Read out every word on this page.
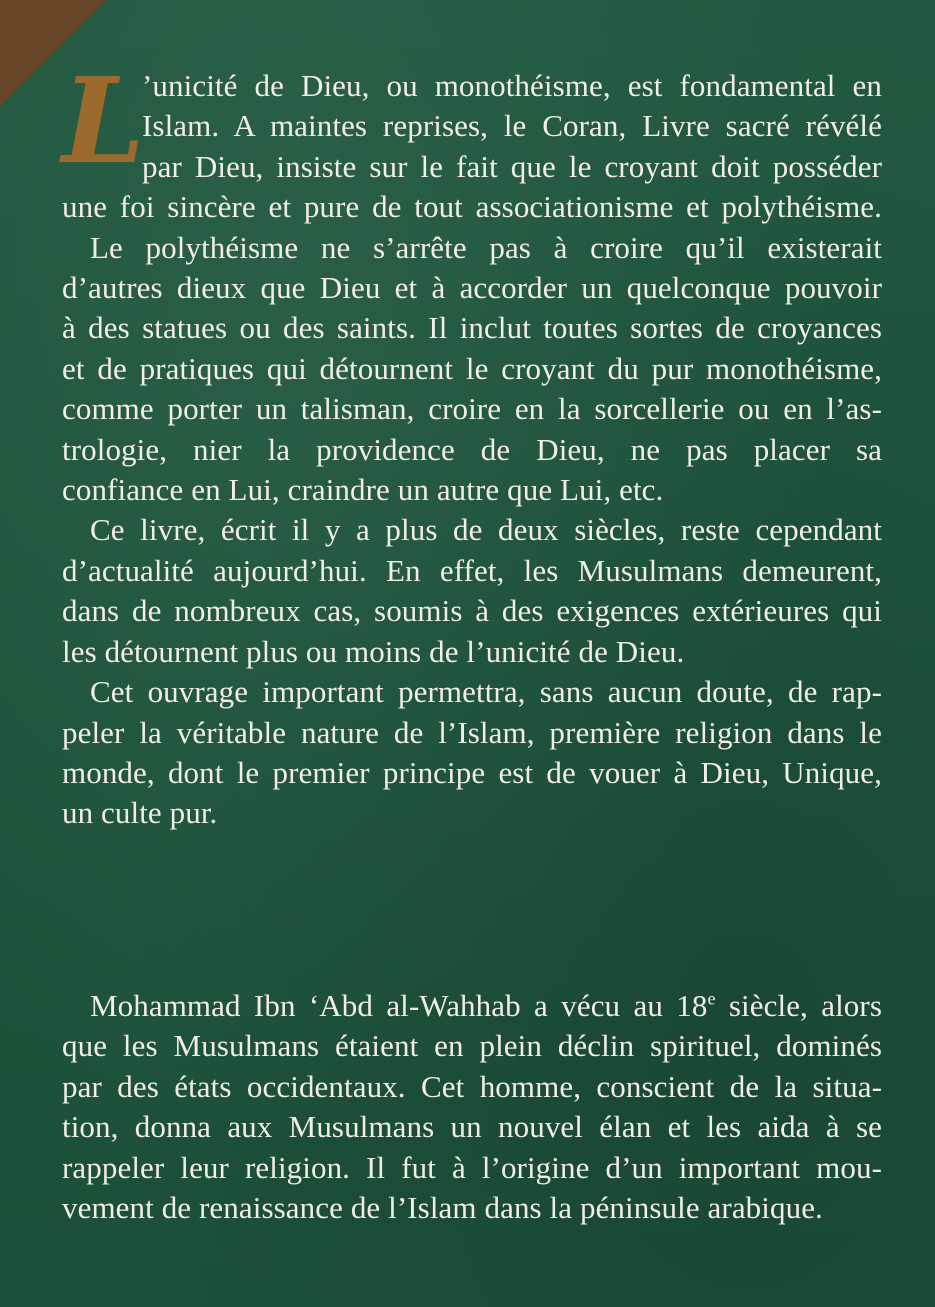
L
’unicité de Dieu, ou monothéisme, est fondamental en
Islam. A maintes reprises, le Coran, Livre sacré révélé
par Dieu, insiste sur le fait que le croyant doit posséder
une foi sincère et pure de tout associationisme et polythéisme.
Le polythéisme ne s’arrête pas à croire qu’il existerait
d’autres dieux que Dieu et à accorder un quelconque pouvoir
à des statues ou des saints. Il inclut toutes sortes de croyances
et de pratiques qui détournent le croyant du pur monothéisme,
comme porter un talisman, croire en la sorcellerie ou en l’as-
trologie, nier la providence de Dieu, ne pas placer sa
confiance en Lui, craindre un autre que Lui, etc.
Ce livre, écrit il y a plus de deux siècles, reste cependant
d’actualité aujourd’hui. En effet, les Musulmans demeurent,
dans de nombreux cas, soumis à des exigences extérieures qui
les détournent plus ou moins de l’unicité de Dieu.
Cet ouvrage important permettra, sans aucun doute, de rap-
peler la véritable nature de l’Islam, première religion dans le
monde, dont le premier principe est de vouer à Dieu, Unique,
un culte pur.
Mohammad Ibn ‘Abd al-Wahhab a vécu au 18e siècle, alors
que les Musulmans étaient en plein déclin spirituel, dominés
par des états occidentaux. Cet homme, conscient de la situa-
tion, donna aux Musulmans un nouvel élan et les aida à se
rappeler leur religion. Il fut à l’origine d’un important mou-
vement de renaissance de l’Islam dans la péninsule arabique.
